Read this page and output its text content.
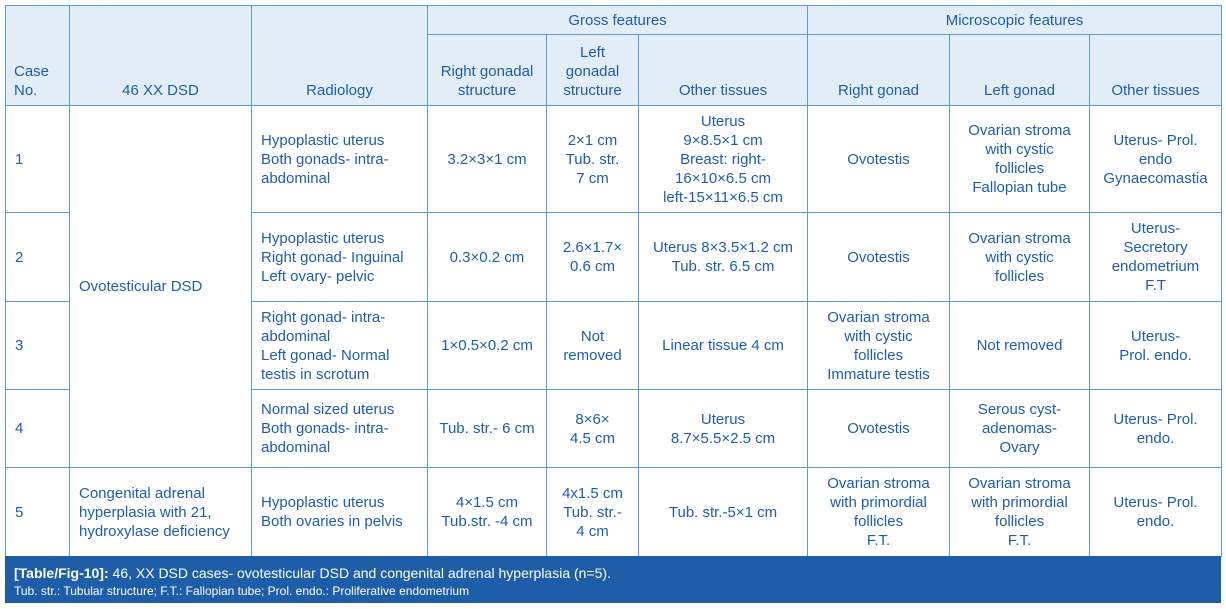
Case
No.	46 XX DSD	Radiology	Gross features			Microscopic features		
			Right gonadal
structure	Left
gonadal
structure	Other tissues	Right gonad	Left gonad	Other tissues
1	Ovotesticular DSD	Hypoplastic uterus
Both gonads- intra-
abdominal	3.2×3×1 cm	2×1 cm
Tub. str.
7 cm	Uterus
9×8.5×1 cm
Breast: right-
16×10×6.5 cm
left-15×11×6.5 cm	Ovotestis	Ovarian stroma
with cystic
follicles
Fallopian tube	Uterus- Prol.
endo
Gynaecomastia
2		Hypoplastic uterus
Right gonad- Inguinal
Left ovary- pelvic	0.3×0.2 cm	2.6×1.7×
0.6 cm	Uterus 8×3.5×1.2 cm
Tub. str. 6.5 cm	Ovotestis	Ovarian stroma
with cystic
follicles	Uterus-
Secretory
endometrium
F.T
3		Right gonad- intra-
abdominal
Left gonad- Normal
testis in scrotum	1×0.5×0.2 cm	Not
removed	Linear tissue 4 cm	Ovarian stroma
with cystic
follicles
Immature testis	Not removed	Uterus-
Prol. endo.
4		Normal sized uterus
Both gonads- intra-
abdominal	Tub. str.- 6 cm	8×6×
4.5 cm	Uterus
8.7×5.5×2.5 cm	Ovotestis	Serous cyst-
adenomas-
Ovary	Uterus- Prol.
endo.
5	Congenital adrenal
hyperplasia with 21,
hydroxylase deficiency	Hypoplastic uterus
Both ovaries in pelvis	4×1.5 cm
Tub.str. -4 cm	4x1.5 cm
Tub. str.-
4 cm	Tub. str.-5×1 cm	Ovarian stroma
with primordial
follicles
F.T.	Ovarian stroma
with primordial
follicles
F.T.	Uterus- Prol.
endo.
[Table/Fig-10]: 46, XX DSD cases- ovotesticular DSD and congenital adrenal hyperplasia (n=5).
Tub. str.: Tubular structure; F.T.: Fallopian tube; Prol. endo.: Proliferative endometrium
